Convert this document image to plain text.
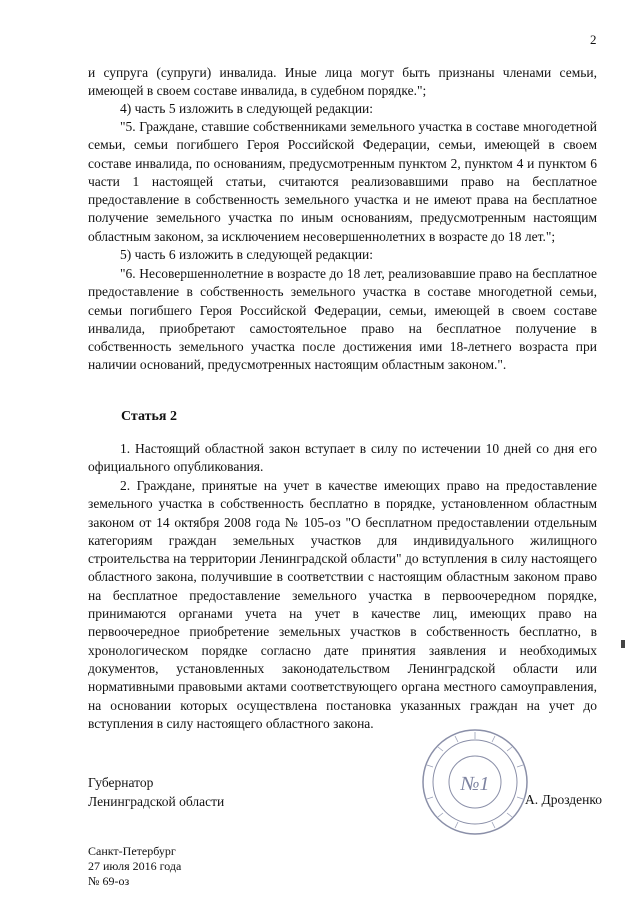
2

и супруга (супруги) инвалида. Иные лица могут быть признаны членами семьи, имеющей в своем составе инвалида, в судебном порядке.";

4) часть 5 изложить в следующей редакции:

"5. Граждане, ставшие собственниками земельного участка в составе многодетной семьи, семьи погибшего Героя Российской Федерации, семьи, имеющей в своем составе инвалида, по основаниям, предусмотренным пунктом 2, пунктом 4 и пунктом 6 части 1 настоящей статьи, считаются реализовавшими право на бесплатное предоставление в собственность земельного участка и не имеют права на бесплатное получение земельного участка по иным основаниям, предусмотренным настоящим областным законом, за исключением несовершеннолетних в возрасте до 18 лет.";

5) часть 6 изложить в следующей редакции:

"6. Несовершеннолетние в возрасте до 18 лет, реализовавшие право на бесплатное предоставление в собственность земельного участка в составе многодетной семьи, семьи погибшего Героя Российской Федерации, семьи, имеющей в своем составе инвалида, приобретают самостоятельное право на бесплатное получение в собственность земельного участка после достижения ими 18-летнего возраста при наличии оснований, предусмотренных настоящим областным законом.".

Статья 2

1. Настоящий областной закон вступает в силу по истечении 10 дней со дня его официального опубликования.

2. Граждане, принятые на учет в качестве имеющих право на предоставление земельного участка в собственность бесплатно в порядке, установленном областным законом от 14 октября 2008 года № 105-оз "О бесплатном предоставлении отдельным категориям граждан земельных участков для индивидуального жилищного строительства на территории Ленинградской области" до вступления в силу настоящего областного закона, получившие в соответствии с настоящим областным законом право на бесплатное предоставление земельного участка в первоочередном порядке, принимаются органами учета на учет в качестве лиц, имеющих право на первоочередное приобретение земельных участков в собственность бесплатно, в хронологическом порядке согласно дате принятия заявления и необходимых документов, установленных законодательством Ленинградской области или нормативными правовыми актами соответствующего органа местного самоуправления, на основании которых осуществлена постановка указанных граждан на учет до вступления в силу настоящего областного закона.

Губернатор
Ленинградской области
№1
А. Дрозденко
Санкт-Петербург
27 июля 2016 года
№ 69-оз
